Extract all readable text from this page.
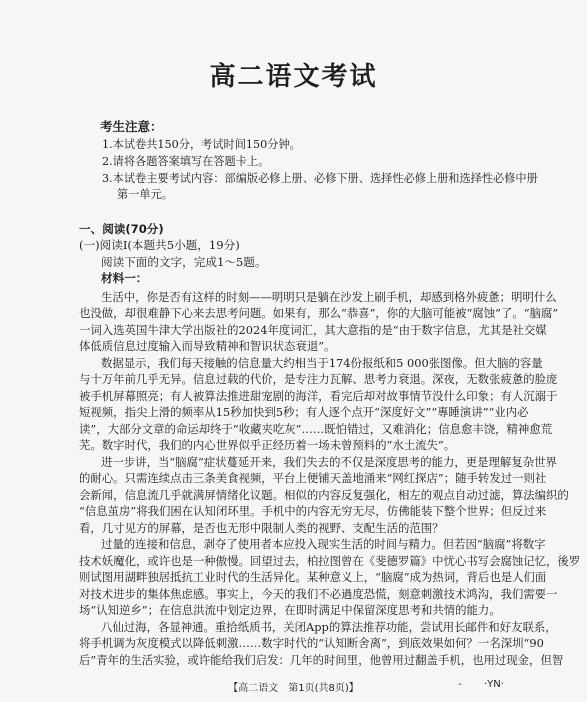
高二语文考试
考生注意：
1.本试卷共150分，考试时间150分钟。
2.请将各题答案填写在答题卡上。
3.本试卷主要考试内容：部编版必修上册、必修下册、选择性必修上册和选择性必修中册
第一单元。
一、阅读(70分)
(一)阅读Ⅰ(本题共5小题，19分)
阅读下面的文字，完成1～5题。
材料一：
生活中，你是否有这样的时刻——明明只是躺在沙发上刷手机，却感到格外疲惫；明明什么
也没做，却很难静下心来去思考问题。如果有，那么“恭喜”，你的大脑可能被“腐蚀”了。“脑腐”
一词入选英国牛津大学出版社的2024年度词汇，其大意指的是“由于数字信息，尤其是社交媒
体低质信息过度输入而导致精神和智识状态衰退”。
数据显示，我们每天接触的信息量大约相当于174份报纸和5 000张图像。但大脑的容量
与十万年前几乎无异。信息过载的代价，是专注力瓦解、思考力衰退。深夜，无数张疲惫的脸庞
被手机屏幕照亮；有人被算法推进甜宠剧的海洋，看完后却对故事情节没什么印象；有人沉溺于
短视频，指尖上滑的频率从15秒加快到5秒；有人逐个点开“深度好文”“專睡演讲”“业内必
读”，大部分文章的命运却终于“收藏夹吃灰”……既怕错过，又难消化；信息愈丰饶，精神愈荒
芜。数字时代，我们的内心世界似乎正经历着一场未曾预料的“水土流失”。
进一步讲，当“脑腐”症状蔓延开来，我们失去的不仅是深度思考的能力，更是理解复杂世界
的耐心。只需连续点击三条美食视频，平台上便铺天盖地涌来“网红探店”；随手转发过一则社
会新闻，信息流几乎就满屏情绪化议题。相似的内容反复强化，相左的观点自动过滤，算法编织的
“信息茧房”将我们困在认知闭环里。手机中的内容无穷无尽，仿佛能装下整个世界；但反过来
看，几寸见方的屏幕，是否也无形中限制人类的视野、支配生活的范围？
过量的连接和信息，剥夺了使用者本应投入现实生活的时间与精力。但若因“脑腐”将数字
技术妖魔化，或许也是一种傲慢。回望过去，柏拉图曾在《斐德罗篇》中忧心书写会腐蚀记忆，後罗
则试图用湖畔独居抵抗工业时代的生活异化。某种意义上，“脑腐”成为热词，背后也是人们面
对技术进步的集体焦虑感。事实上，今天的我们不必過度恐慌，刻意刺激技术鸿沟，我们需要一
场“认知逆乡”；在信息洪流中划定边界，在即时满足中保留深度思考和共情的能力。
八仙过海，各显神通。重拾纸质书，关闭App的算法推荐功能，尝试用长邮件和好友联系，
将手机调为灰度模式以降低刺激……数字时代的“认知断舍离”，到底效果如何？一名深圳“90
后”青年的生活实验，或许能给我们启发：几年的时间里，他曾用过翻盖手机，也用过现金，但智
【高二语文　第1页(共8页)】	- ·YN·
